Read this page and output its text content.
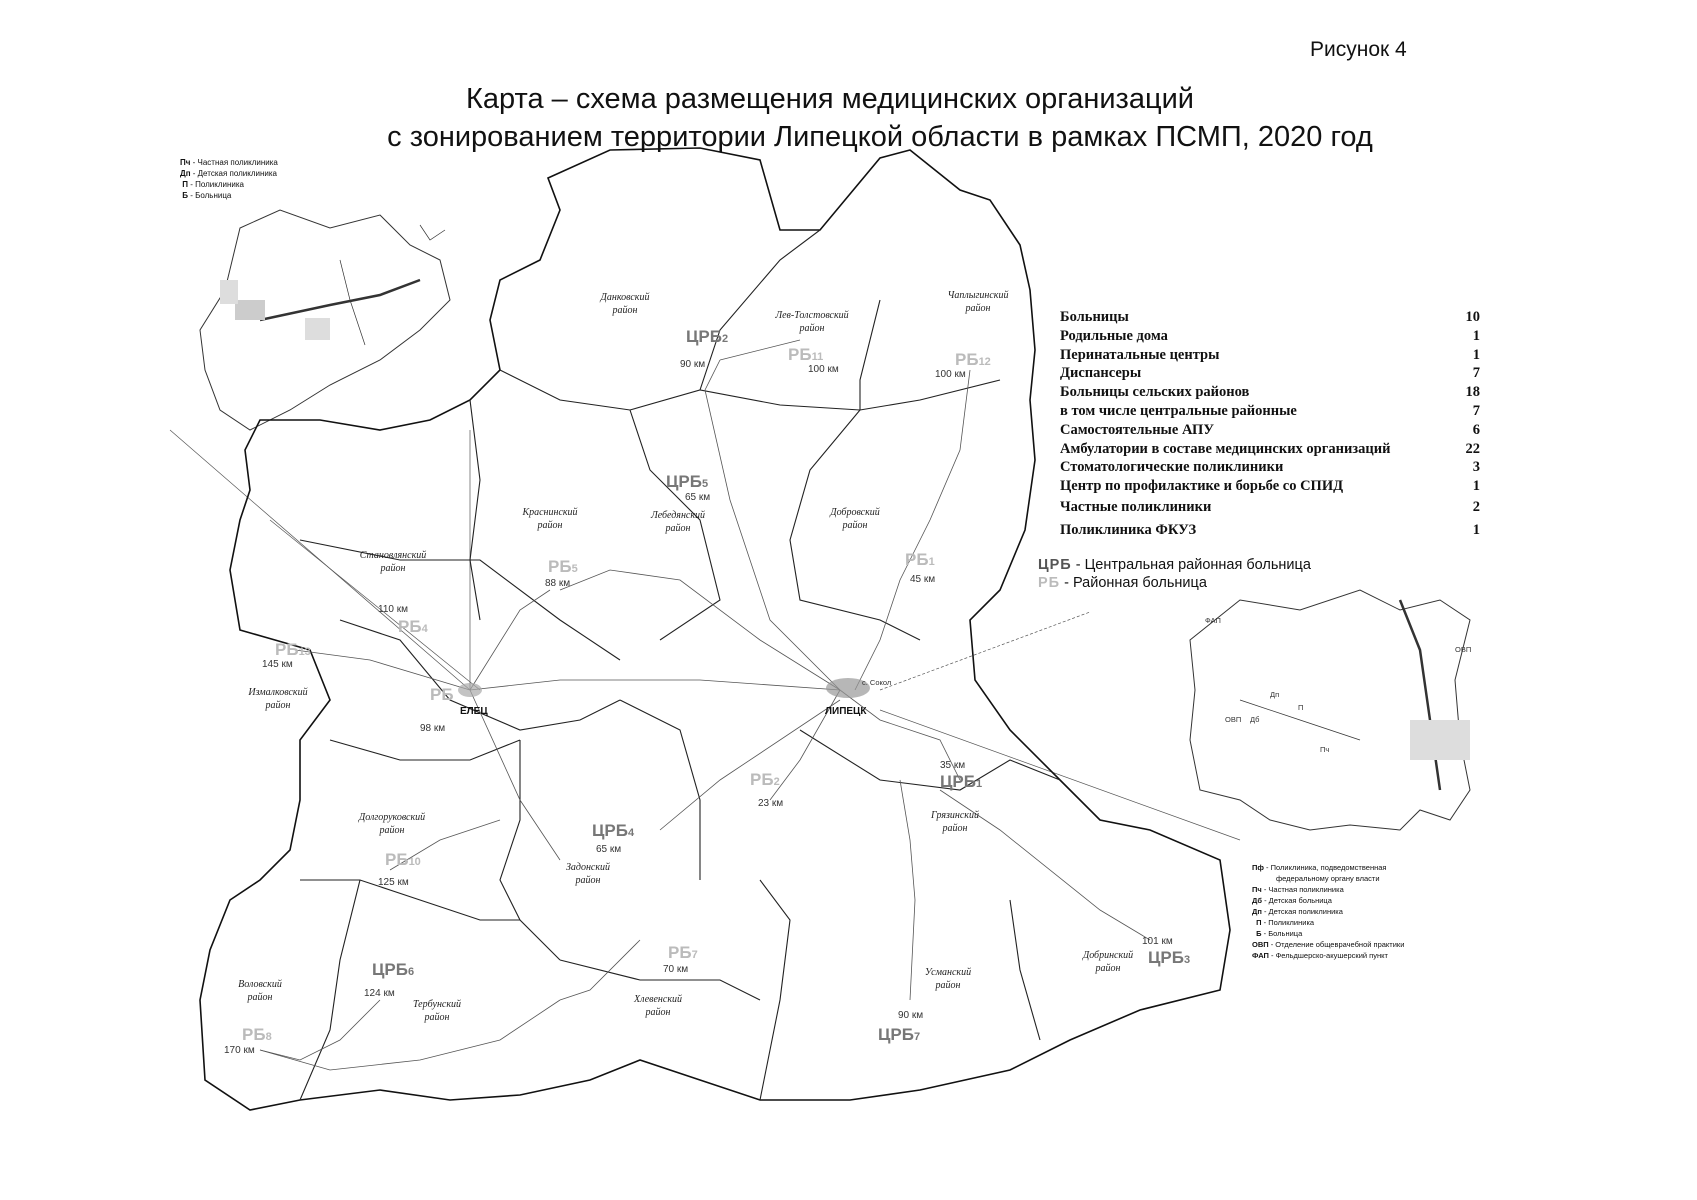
Рисунок 4
Карта – схема размещения медицинских организаций
с зонированием территории Липецкой области в рамках ПСМП, 2020 год
Пч - Частная поликлиника
Дп - Детская поликлиника
П - Поликлиника
Б - Больница
ЛИПЕЦК
с. Сокол
ЕЛЕЦ
Данковский район	Лев-Толстовский район
Чаплыгинский район
Краснинский район
Лебедянский район
Добровский район
Становлянский район
Измалковский район
Долгоруковский район
Задонский район
Грязинский район
Воловский район
Тербунский район
Хлевенский район
Усманский район
Добринский район
ЦРБ2
90 км
РБ11
100 км
РБ12
100 км
ЦРБ5
65 км
РБ1
45 км
РБ5
88 км
110 км
РБ4
РБ13
145 км
РБ
98 км
РБ2
23 км
35 км
ЦРБ1
ЦРБ4
65 км
РБ10
125 км
ЦРБ6
124 км
РБ7
70 км
РБ8
170 км
90 км
ЦРБ7
101 км
ЦРБ3
ФАП
ОВП
ОВП
Дп
П
Дб
Пч
Больницы	10
Родильные дома	1
Перинатальные центры	1
Диспансеры	7
Больницы сельских районов	18
в том числе центральные районные	7
Самостоятельные АПУ	6
Амбулатории в составе медицинских организаций	22
Стоматологические поликлиники	3
Центр по профилактике и борьбе со СПИД	1
Частные поликлиники	2
Поликлиника ФКУЗ	1
ЦРБ - Центральная районная больница
РБ - Районная больница
Пф - Поликлиника, подведомственная
федеральному органу власти
Пч - Частная поликлиника
Дб - Детская больница
Дп - Детская поликлиника
П - Поликлиника
Б - Больница
ОВП - Отделение общеврачебной практики
ФАП - Фельдшерско-акушерский пункт
